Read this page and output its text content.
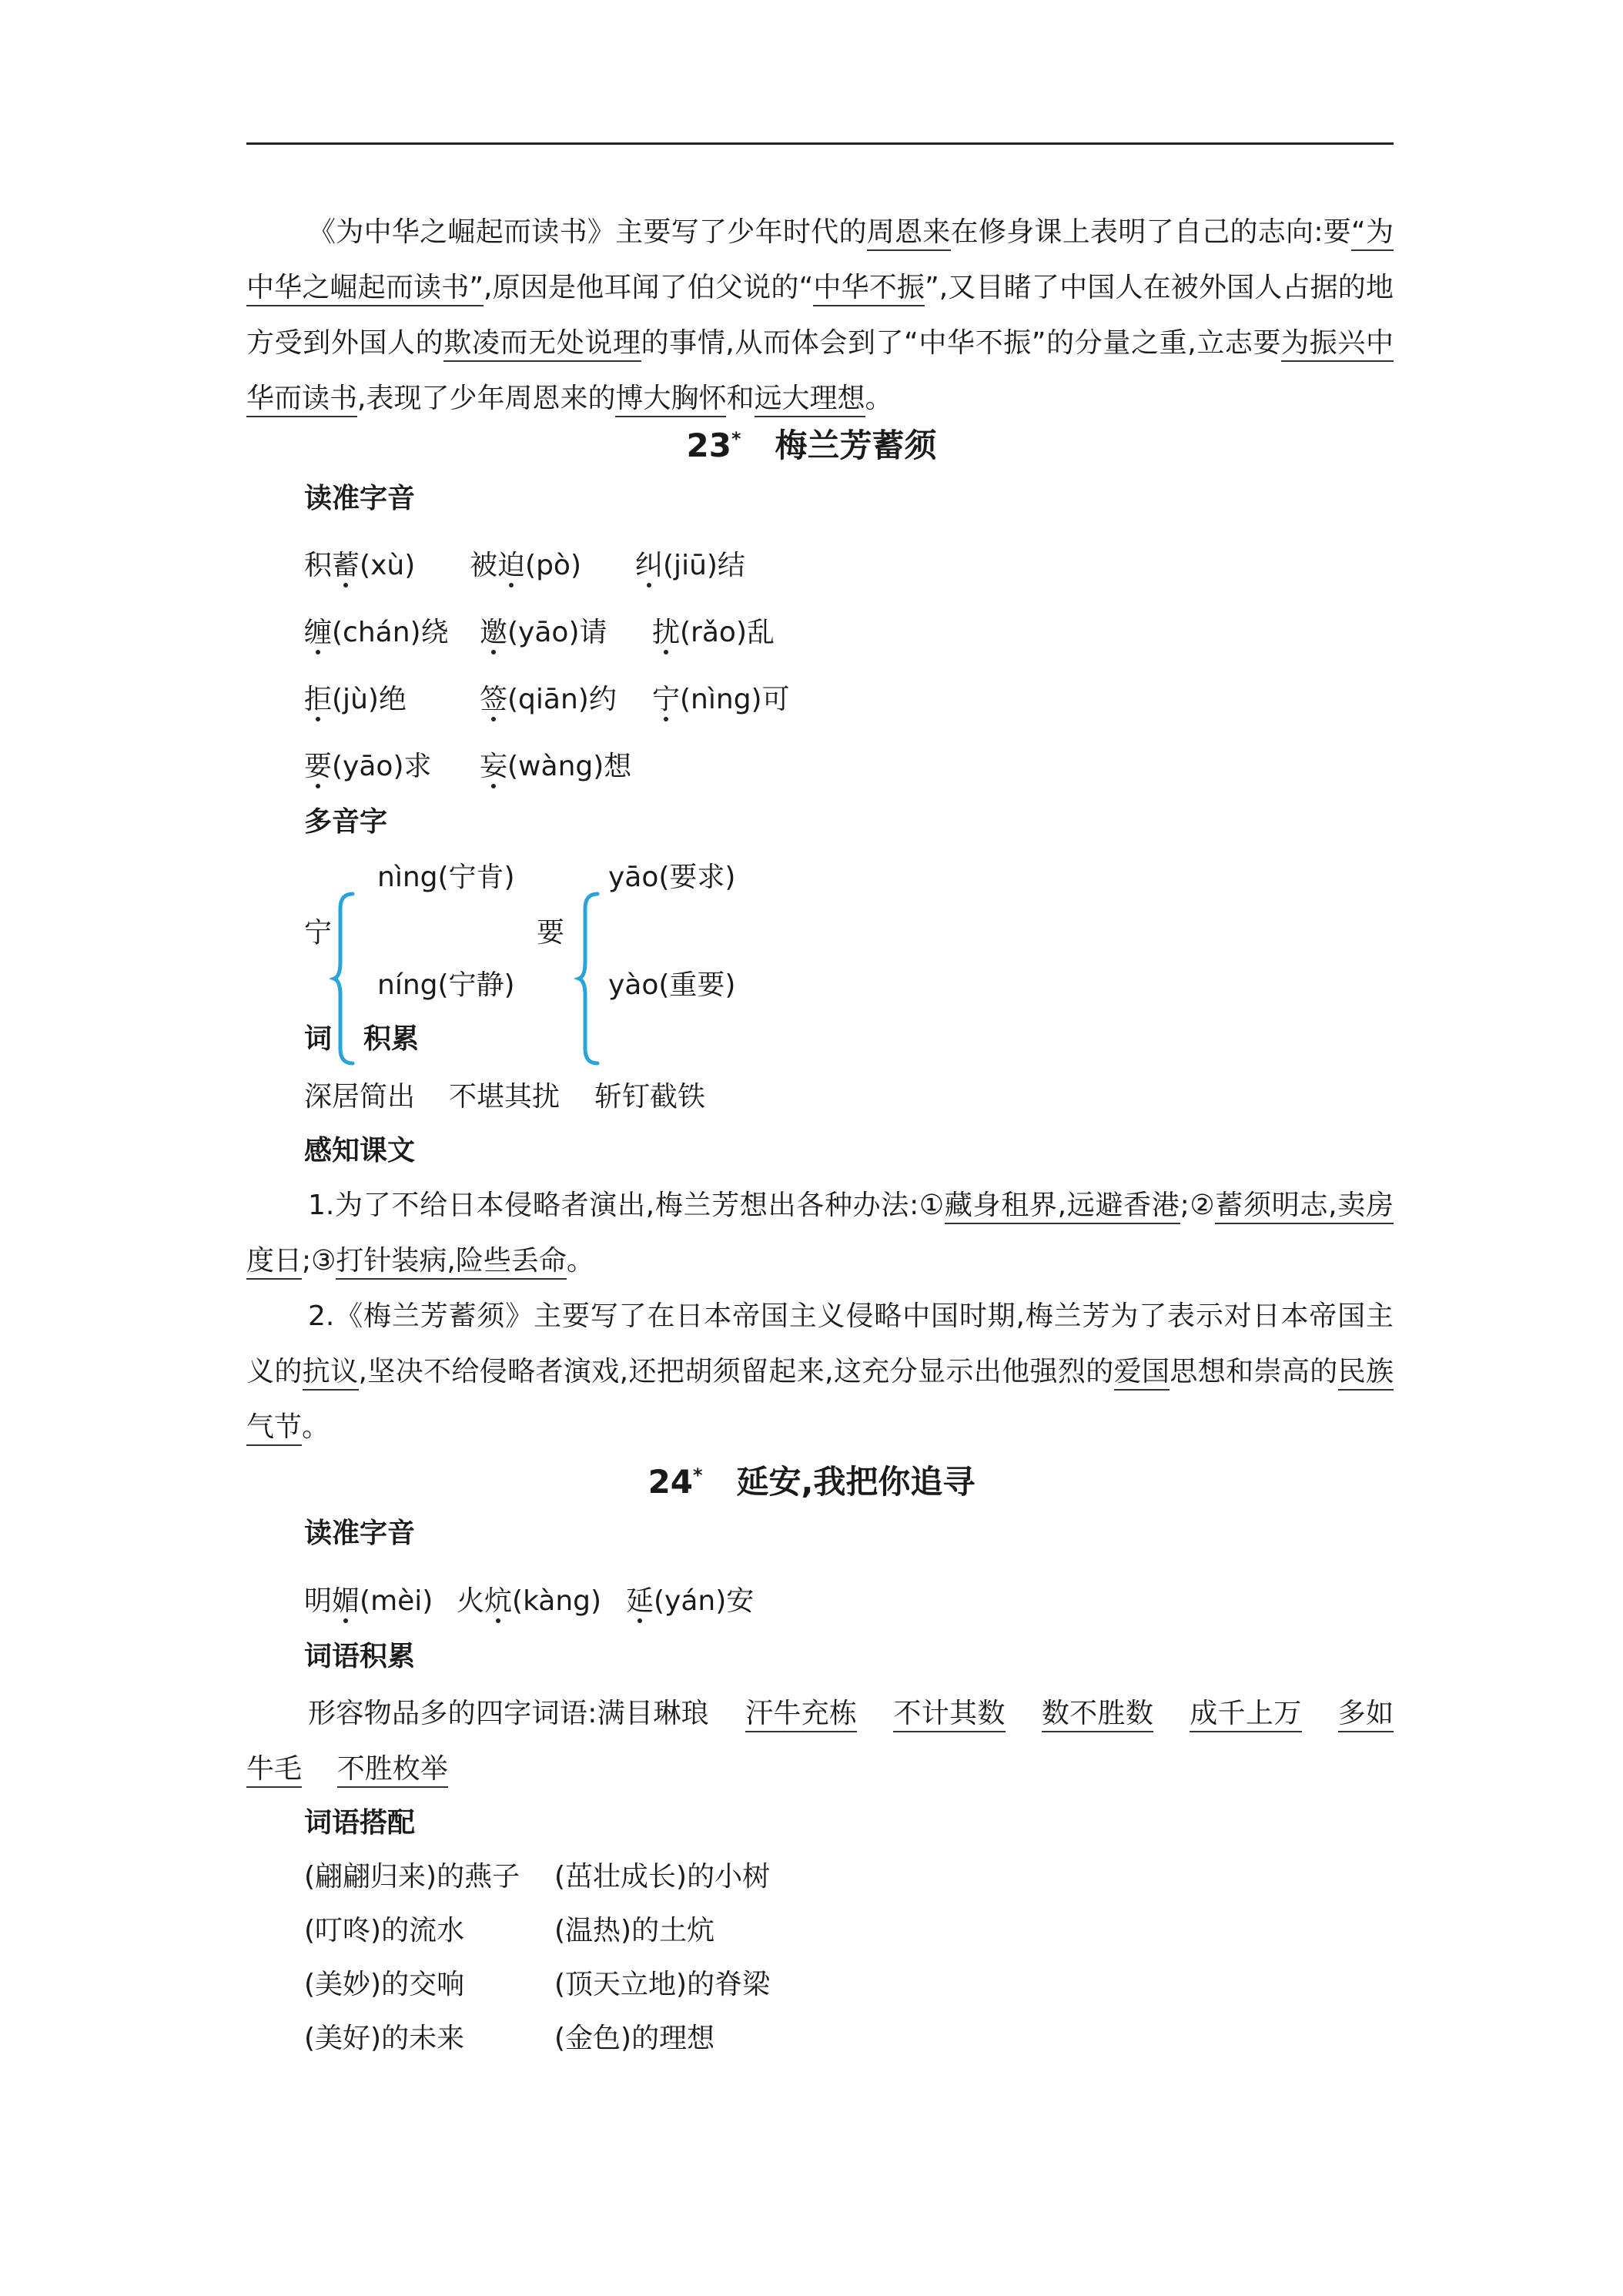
《为中华之崛起而读书》主要写了少年时代的周恩来在修身课上表明了自己的志向:要“为中华之崛起而读书”,原因是他耳闻了伯父说的“中华不振”,又目睹了中国人在被外国人占据的地方受到外国人的欺凌而无处说理的事情,从而体会到了“中华不振”的分量之重,立志要为振兴中华而读书,表现了少年周恩来的博大胸怀和远大理想。

23* 梅兰芳蓄须
读准字音
积蓄(xù) 被迫(pò) 纠(jiū)结
缠(chán)绕 邀(yāo)请 扰(rǎo)乱
拒(jù)绝	签(qiān)约 宁(nìng)可
要(yāo)求 妄(wàng)想
多音字
宁
nìng(宁肯)
níng(宁静)
要
yāo(要求)
yào(重要)
词 积累
深居简出 不堪其扰 斩钉截铁
感知课文

1.为了不给日本侵略者演出,梅兰芳想出各种办法:①藏身租界,远避香港;②蓄须明志,卖房度日;③打针装病,险些丢命。

2.《梅兰芳蓄须》主要写了在日本帝国主义侵略中国时期,梅兰芳为了表示对日本帝国主义的抗议,坚决不给侵略者演戏,还把胡须留起来,这充分显示出他强烈的爱国思想和崇高的民族气节。

24* 延安,我把你追寻
读准字音
明媚(mèi) 火炕(kàng) 延(yán)安
词语积累

形容物品多的四字词语:满目琳琅 汗牛充栋 不计其数 数不胜数 成千上万 多如牛毛 不胜枚举

词语搭配
(翩翩归来)的燕子 (茁壮成长)的小树
(叮咚)的流水	(温热)的土炕
(美妙)的交响	(顶天立地)的脊梁
(美好)的未来	(金色)的理想
